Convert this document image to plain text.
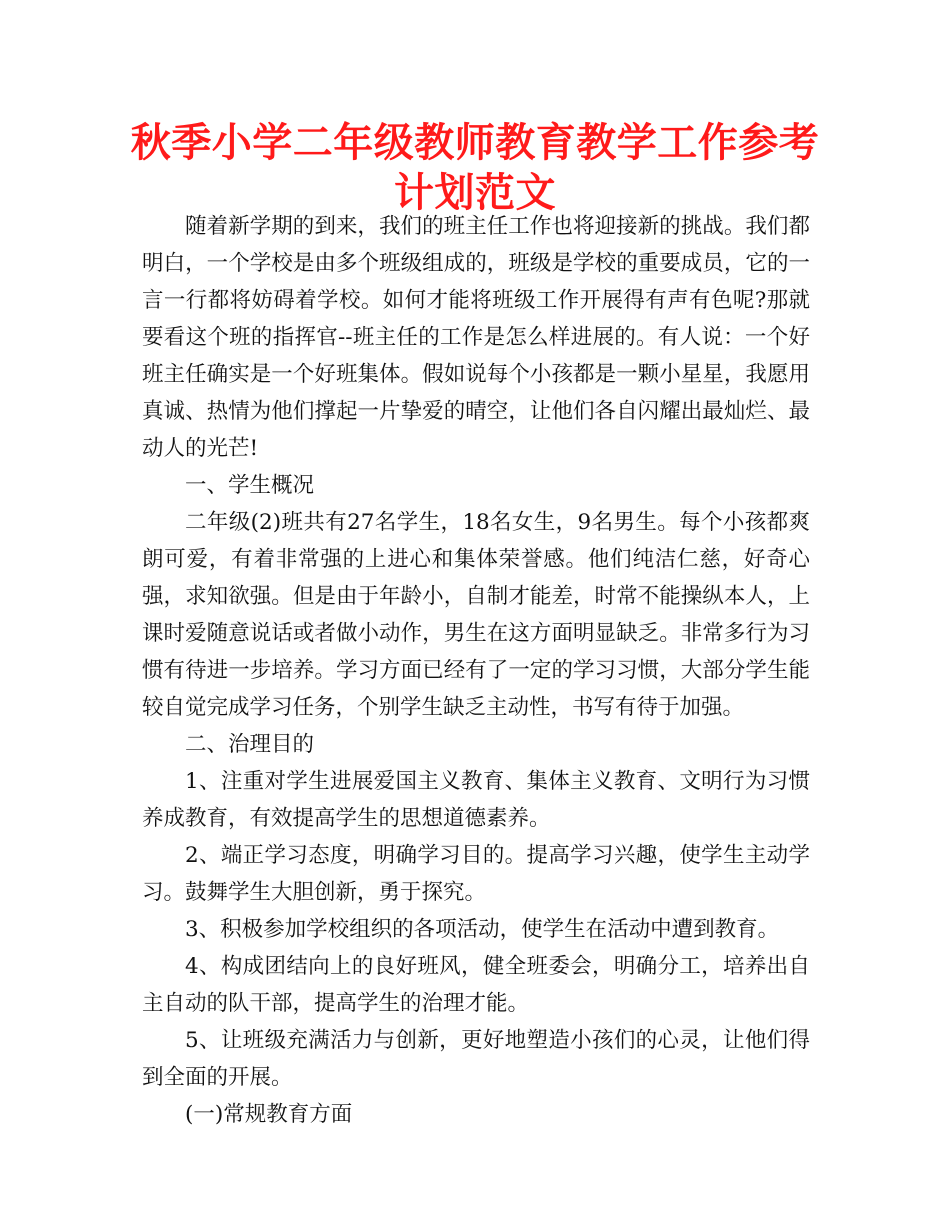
秋季小学二年级教师教育教学工作参考计划范文

随着新学期的到来，我们的班主任工作也将迎接新的挑战。我们都明白，一个学校是由多个班级组成的，班级是学校的重要成员，它的一言一行都将妨碍着学校。如何才能将班级工作开展得有声有色呢?那就要看这个班的指挥官--班主任的工作是怎么样进展的。有人说：一个好班主任确实是一个好班集体。假如说每个小孩都是一颗小星星，我愿用真诚、热情为他们撑起一片挚爱的晴空，让他们各自闪耀出最灿烂、最动人的光芒!

一、学生概况

二年级(2)班共有27名学生，18名女生，9名男生。每个小孩都爽朗可爱，有着非常强的上进心和集体荣誉感。他们纯洁仁慈，好奇心强，求知欲强。但是由于年龄小，自制才能差，时常不能操纵本人，上课时爱随意说话或者做小动作，男生在这方面明显缺乏。非常多行为习惯有待进一步培养。学习方面已经有了一定的学习习惯，大部分学生能较自觉完成学习任务，个别学生缺乏主动性，书写有待于加强。

二、治理目的

1、注重对学生进展爱国主义教育、集体主义教育、文明行为习惯养成教育，有效提高学生的思想道德素养。

2、端正学习态度，明确学习目的。提高学习兴趣，使学生主动学习。鼓舞学生大胆创新，勇于探究。

3、积极参加学校组织的各项活动，使学生在活动中遭到教育。

4、构成团结向上的良好班风，健全班委会，明确分工，培养出自主自动的队干部，提高学生的治理才能。

5、让班级充满活力与创新，更好地塑造小孩们的心灵，让他们得到全面的开展。

(一)常规教育方面
